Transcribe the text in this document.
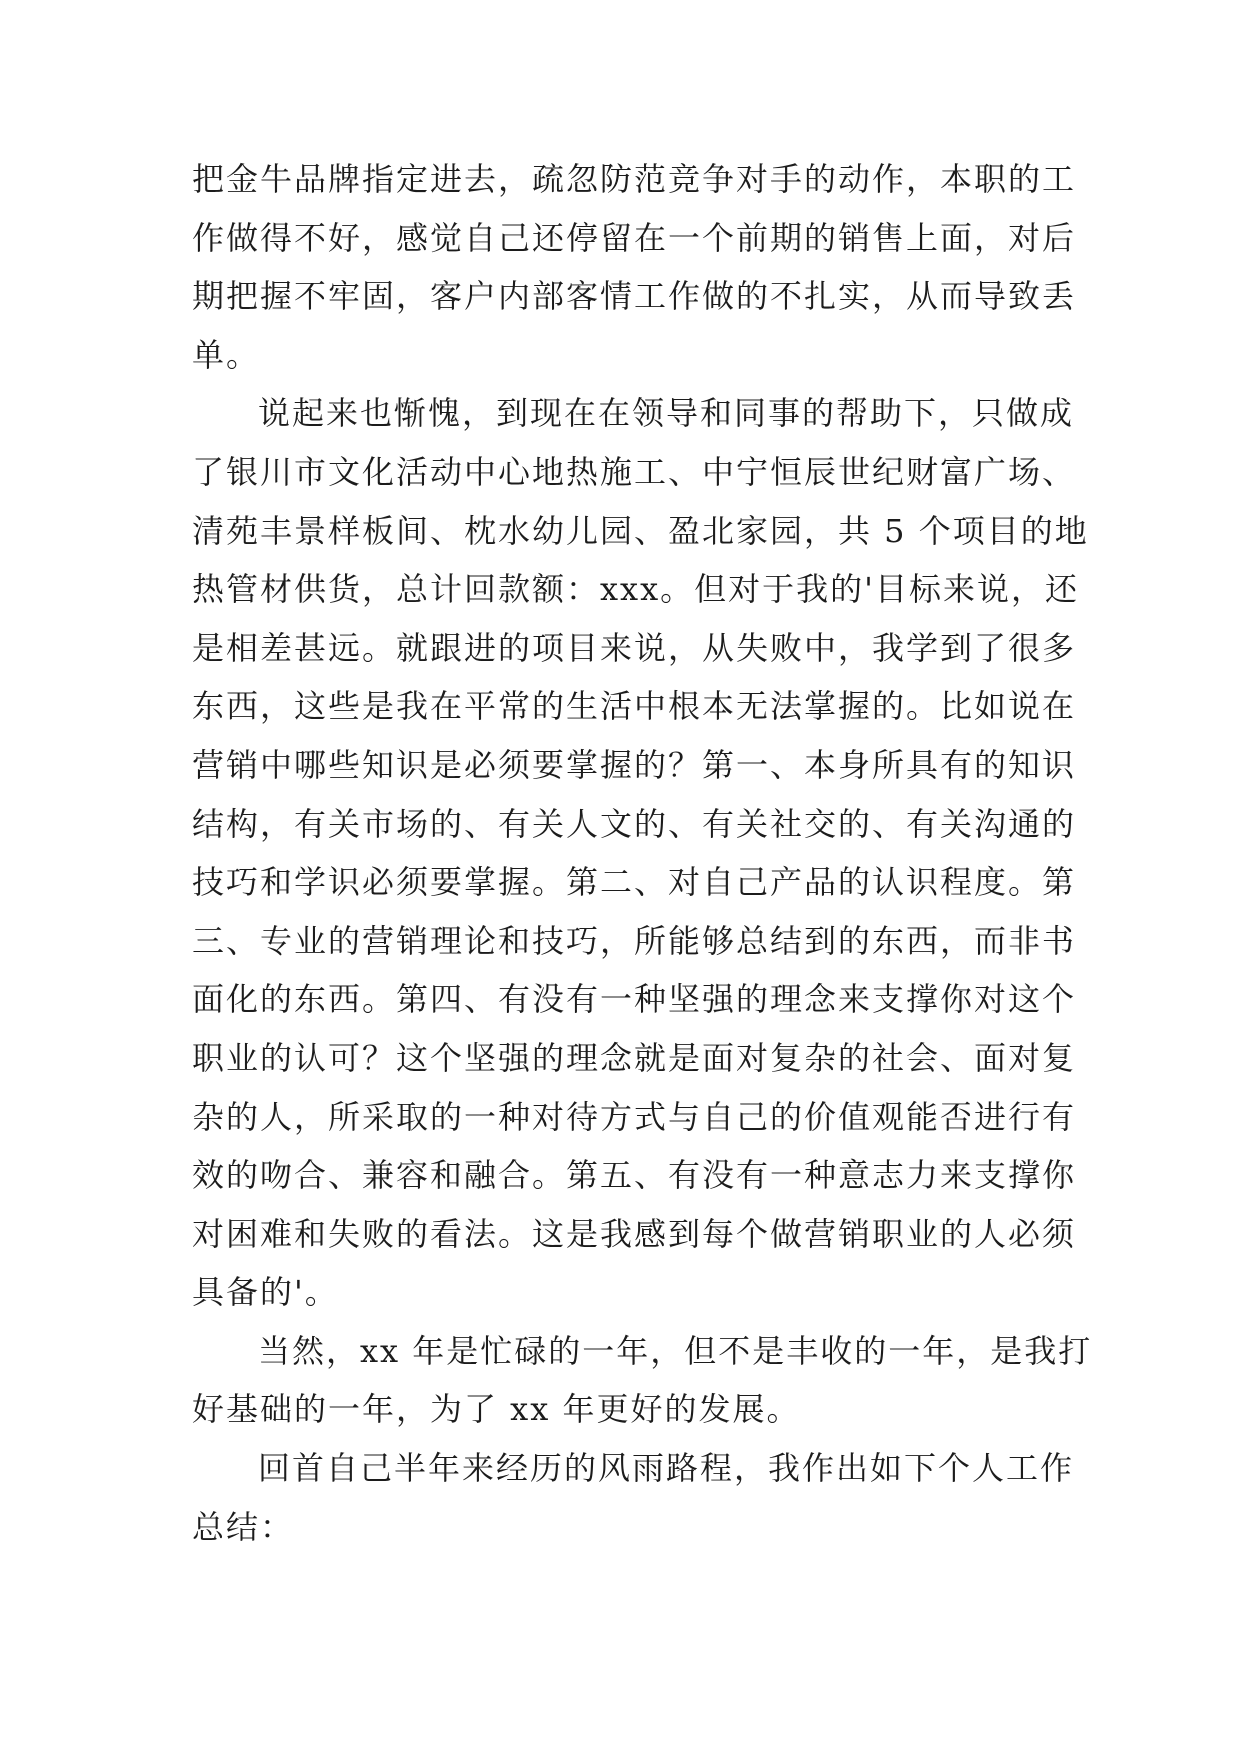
把金牛品牌指定进去，疏忽防范竞争对手的动作，本职的工
作做得不好，感觉自己还停留在一个前期的销售上面，对后
期把握不牢固，客户内部客情工作做的不扎实，从而导致丢
单。
说起来也惭愧，到现在在领导和同事的帮助下，只做成
了银川市文化活动中心地热施工、中宁恒辰世纪财富广场、
清苑丰景样板间、枕水幼儿园、盈北家园，共 5 个项目的地
热管材供货，总计回款额：xxx。但对于我的'目标来说，还
是相差甚远。就跟进的项目来说，从失败中，我学到了很多
东西，这些是我在平常的生活中根本无法掌握的。比如说在
营销中哪些知识是必须要掌握的？第一、本身所具有的知识
结构，有关市场的、有关人文的、有关社交的、有关沟通的
技巧和学识必须要掌握。第二、对自己产品的认识程度。第
三、专业的营销理论和技巧，所能够总结到的东西，而非书
面化的东西。第四、有没有一种坚强的理念来支撑你对这个
职业的认可？这个坚强的理念就是面对复杂的社会、面对复
杂的人，所采取的一种对待方式与自己的价值观能否进行有
效的吻合、兼容和融合。第五、有没有一种意志力来支撑你
对困难和失败的看法。这是我感到每个做营销职业的人必须
具备的'。
当然，xx 年是忙碌的一年，但不是丰收的一年，是我打
好基础的一年，为了 xx 年更好的发展。
回首自己半年来经历的风雨路程，我作出如下个人工作
总结：
